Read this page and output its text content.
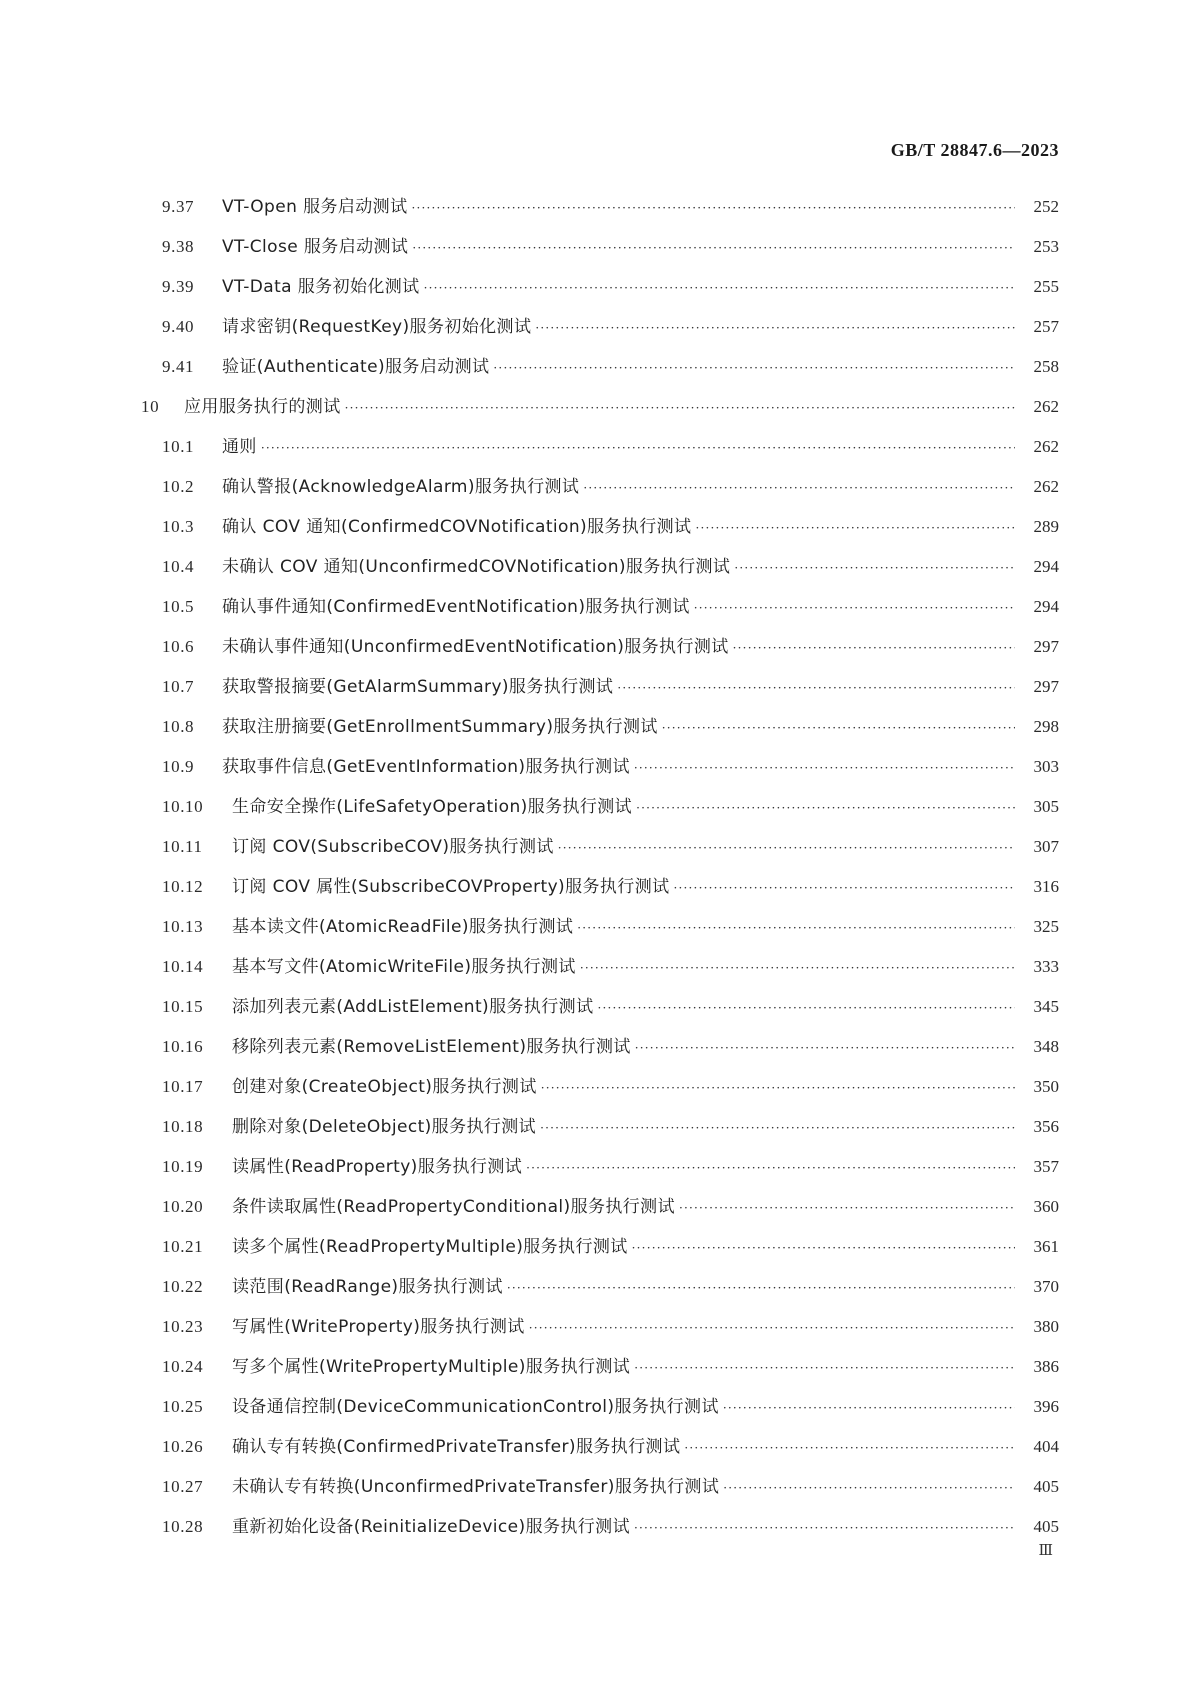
GB/T 28847.6—2023
9.37 VT-Open 服务启动测试 ·····	252
9.38 VT-Close 服务启动测试 ·····	253
9.39 VT-Data 服务初始化测试 ·····	255
9.40 请求密钥(RequestKey)服务初始化测试 ·····	257
9.41 验证(Authenticate)服务启动测试 ·····	258
10 应用服务执行的测试 ·····	262
10.1 通则 ·····	262
10.2 确认警报(AcknowledgeAlarm)服务执行测试 ·····	262
10.3 确认 COV 通知(ConfirmedCOVNotification)服务执行测试 ·····	289
10.4 未确认 COV 通知(UnconfirmedCOVNotification)服务执行测试 ·····	294
10.5 确认事件通知(ConfirmedEventNotification)服务执行测试 ·····	294
10.6 未确认事件通知(UnconfirmedEventNotification)服务执行测试 ·····	297
10.7 获取警报摘要(GetAlarmSummary)服务执行测试 ·····	297
10.8 获取注册摘要(GetEnrollmentSummary)服务执行测试 ·····	298
10.9 获取事件信息(GetEventInformation)服务执行测试 ·····	303
10.10 生命安全操作(LifeSafetyOperation)服务执行测试 ·····	305
10.11 订阅 COV(SubscribeCOV)服务执行测试 ·····	307
10.12 订阅 COV 属性(SubscribeCOVProperty)服务执行测试 ·····	316
10.13 基本读文件(AtomicReadFile)服务执行测试 ·····	325
10.14 基本写文件(AtomicWriteFile)服务执行测试 ·····	333
10.15 添加列表元素(AddListElement)服务执行测试 ·····	345
10.16 移除列表元素(RemoveListElement)服务执行测试 ·····	348
10.17 创建对象(CreateObject)服务执行测试 ·····	350
10.18 删除对象(DeleteObject)服务执行测试 ·····	356
10.19 读属性(ReadProperty)服务执行测试 ·····	357
10.20 条件读取属性(ReadPropertyConditional)服务执行测试 ·····	360
10.21 读多个属性(ReadPropertyMultiple)服务执行测试 ·····	361
10.22 读范围(ReadRange)服务执行测试 ·····	370
10.23 写属性(WriteProperty)服务执行测试 ·····	380
10.24 写多个属性(WritePropertyMultiple)服务执行测试 ·····	386
10.25 设备通信控制(DeviceCommunicationControl)服务执行测试 ·····	396
10.26 确认专有转换(ConfirmedPrivateTransfer)服务执行测试 ·····	404
10.27 未确认专有转换(UnconfirmedPrivateTransfer)服务执行测试 ·····	405
10.28 重新初始化设备(ReinitializeDevice)服务执行测试 ·····	405
Ⅲ
